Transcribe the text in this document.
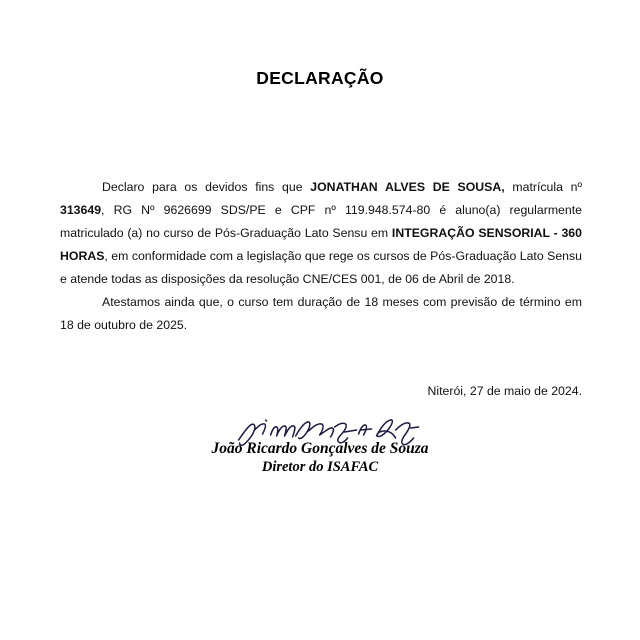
DECLARAÇÃO

Declaro para os devidos fins que JONATHAN ALVES DE SOUSA, matrícula nº 313649, RG Nº 9626699 SDS/PE e CPF nº 119.948.574-80 é aluno(a) regularmente matriculado (a) no curso de Pós-Graduação Lato Sensu em INTEGRAÇÃO SENSORIAL - 360 HORAS, em conformidade com a legislação que rege os cursos de Pós-Graduação Lato Sensu e atende todas as disposições da resolução CNE/CES 001, de 06 de Abril de 2018.

Atestamos ainda que, o curso tem duração de 18 meses com previsão de término em 18 de outubro de 2025.

Niterói, 27 de maio de 2024.
João Ricardo Gonçalves de Souza
Diretor do ISAFAC
